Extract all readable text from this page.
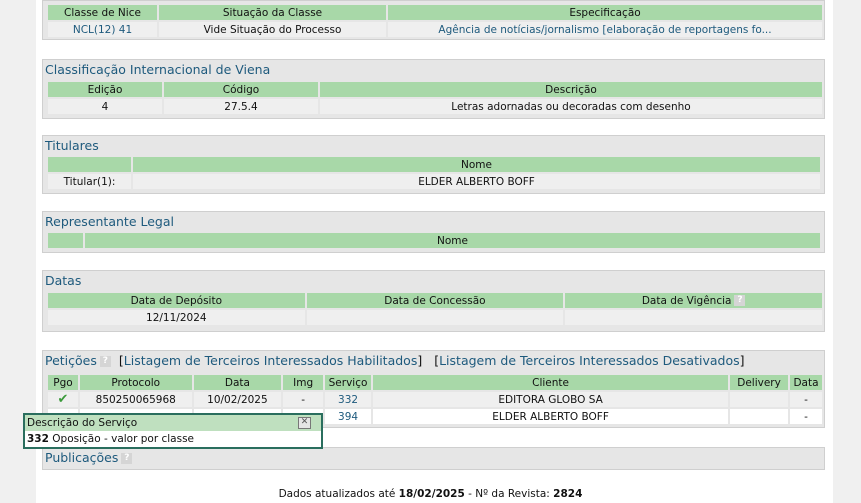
Classe de Nice	Situação da Classe	Especificação
NCL(12) 41	Vide Situação do Processo	Agência de notícias/jornalismo [elaboração de reportagens fo...
Classificação Internacional de Viena
Edição	Código	Descrição
4	27.5.4	Letras adornadas ou decoradas com desenho
Titulares
	Nome
Titular(1):	ELDER ALBERTO BOFF
Representante Legal
	Nome
Datas
Data de Depósito	Data de Concessão	Data de Vigência ?
12/11/2024		
Petições ? [Listagem de Terceiros Interessados Habilitados] [Listagem de Terceiros Interessados Desativados]
Pgo	Protocolo	Data	Img	Serviço	Cliente	Delivery	Data
✔	850250065968	10/02/2025	-	332	EDITORA GLOBO SA		-
				394	ELDER ALBERTO BOFF		-
Publicações ?
Descrição do Serviço	✕
332 Oposição - valor por classe
Dados atualizados até 18/02/2025 - Nº da Revista: 2824
